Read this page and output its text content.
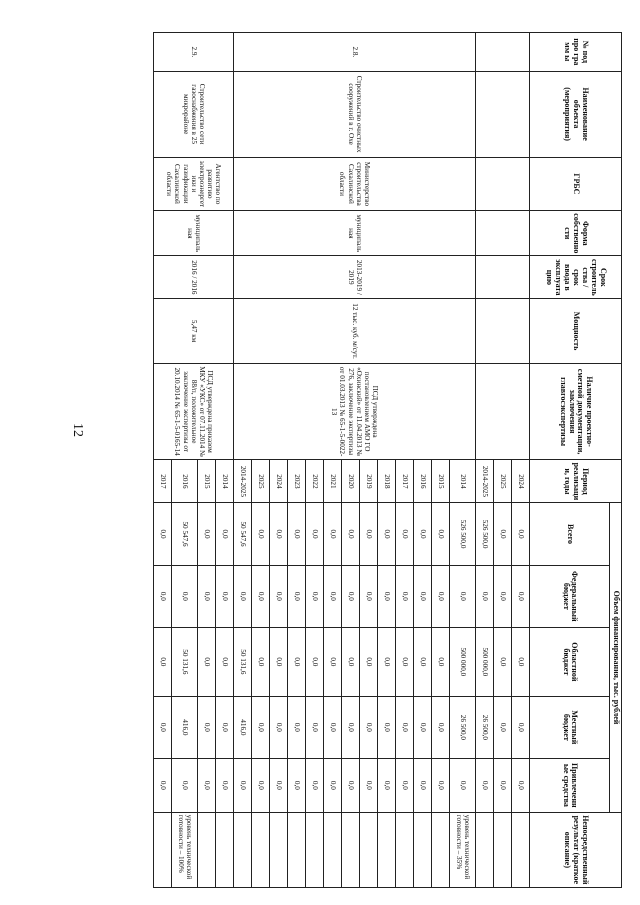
12
№ под про гра мм ы	Наименование объекта (мероприятия)	ГРБС	Форма собственности	Срок строительства / срок ввода в эксплуатацию	Мощность	Наличие проектно-сметной документации, заключения главгосэкспертизы	Период реализации, годы	Объем финансирования, тыс. рублей					Непосредственный результат (краткое описание)
								Всего	Федеральный бюджет	Областной бюджет	Местный бюджет	Привлеченные средства	
							2024	0,0	0,0	0,0	0,0	0,0	
							2025	0,0	0,0	0,0	0,0	0,0	
							2014-2025	526 500,0	0,0	500 000,0	26 500,0	0,0	
2.8.	Строительство очистных сооружений в г. Охе	Министерство строительства Сахалинской области	муниципальная	2013-2019 / 2019	12 тыс. куб. м/сут.	ПСД утверждена постановлением АМО ГО «Охинский» от 11.04.2013 № 276, заключение экспертизы от 01.03.2013 № 65-1-5-0022-13	2014	526 500,0	0,0	500 000,0	26 500,0	0,0	уровень технической готовности – 35%
							2015	0,0	0,0	0,0	0,0	0,0	
							2016	0,0	0,0	0,0	0,0	0,0	
							2017	0,0	0,0	0,0	0,0	0,0	
							2018	0,0	0,0	0,0	0,0	0,0	
							2019	0,0	0,0	0,0	0,0	0,0	
							2020	0,0	0,0	0,0	0,0	0,0	
							2021	0,0	0,0	0,0	0,0	0,0	
							2022	0,0	0,0	0,0	0,0	0,0	
							2023	0,0	0,0	0,0	0,0	0,0	
							2024	0,0	0,0	0,0	0,0	0,0	
							2025	0,0	0,0	0,0	0,0	0,0	
							2014-2025	50 547,6	0,0	50 131,6	416,0	0,0	
2.9.	Строительство сети газоснабжения в 25 микрорайоне	Агентство по развитию электроэнергетики и газификации Сахалинской области	муниципальная	2016 / 2016	5,47 км	ПСД утверждена приказом МКУ «УКС» от 07.11.2014 № 88/п, положительное заключение экспертизы от 20.10.2014 № 65-1-5-0165-14	2014	0,0	0,0	0,0	0,0	0,0	
							2015	0,0	0,0	0,0	0,0	0,0	
							2016	50 547,6	0,0	50 131,6	416,0	0,0	уровень технической готовности – 100%
							2017	0,0	0,0	0,0	0,0	0,0	
